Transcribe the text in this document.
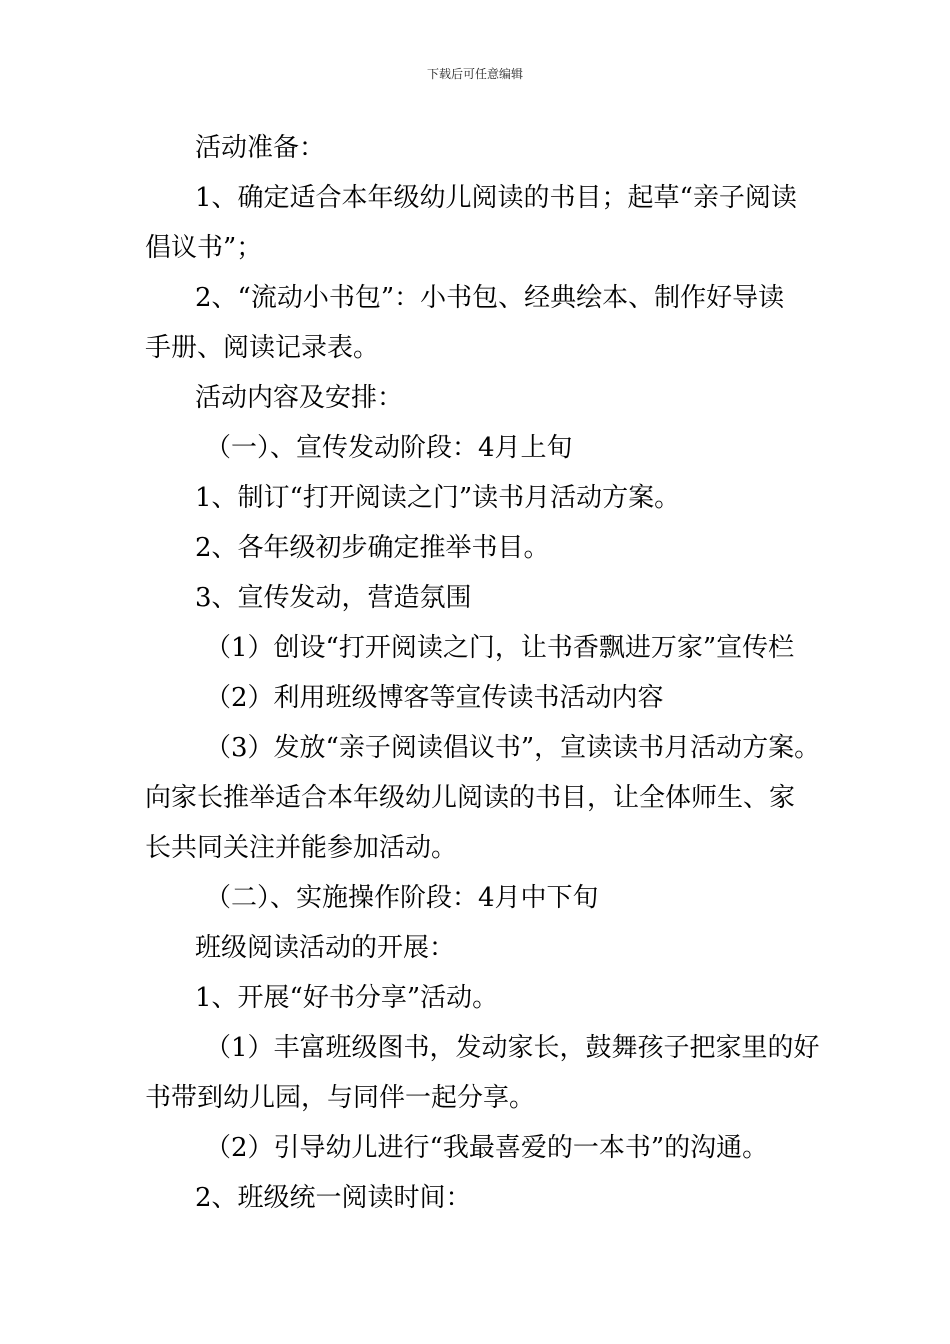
下载后可任意编辑
活动准备：
1、确定适合本年级幼儿阅读的书目；起草“亲子阅读
倡议书”；
2、“流动小书包”：小书包、经典绘本、制作好导读
手册、阅读记录表。
活动内容及安排：
（一）、宣传发动阶段：4月上旬
1、制订“打开阅读之门”读书月活动方案。
2、各年级初步确定推举书目。
3、宣传发动，营造氛围
（1）创设“打开阅读之门，让书香飘进万家”宣传栏
（2）利用班级博客等宣传读书活动内容
（3）发放“亲子阅读倡议书”，宣读读书月活动方案。
向家长推举适合本年级幼儿阅读的书目，让全体师生、家
长共同关注并能参加活动。
（二）、实施操作阶段：4月中下旬
班级阅读活动的开展：
1、开展“好书分享”活动。
（1）丰富班级图书，发动家长，鼓舞孩子把家里的好
书带到幼儿园，与同伴一起分享。
（2）引导幼儿进行“我最喜爱的一本书”的沟通。
2、班级统一阅读时间：
